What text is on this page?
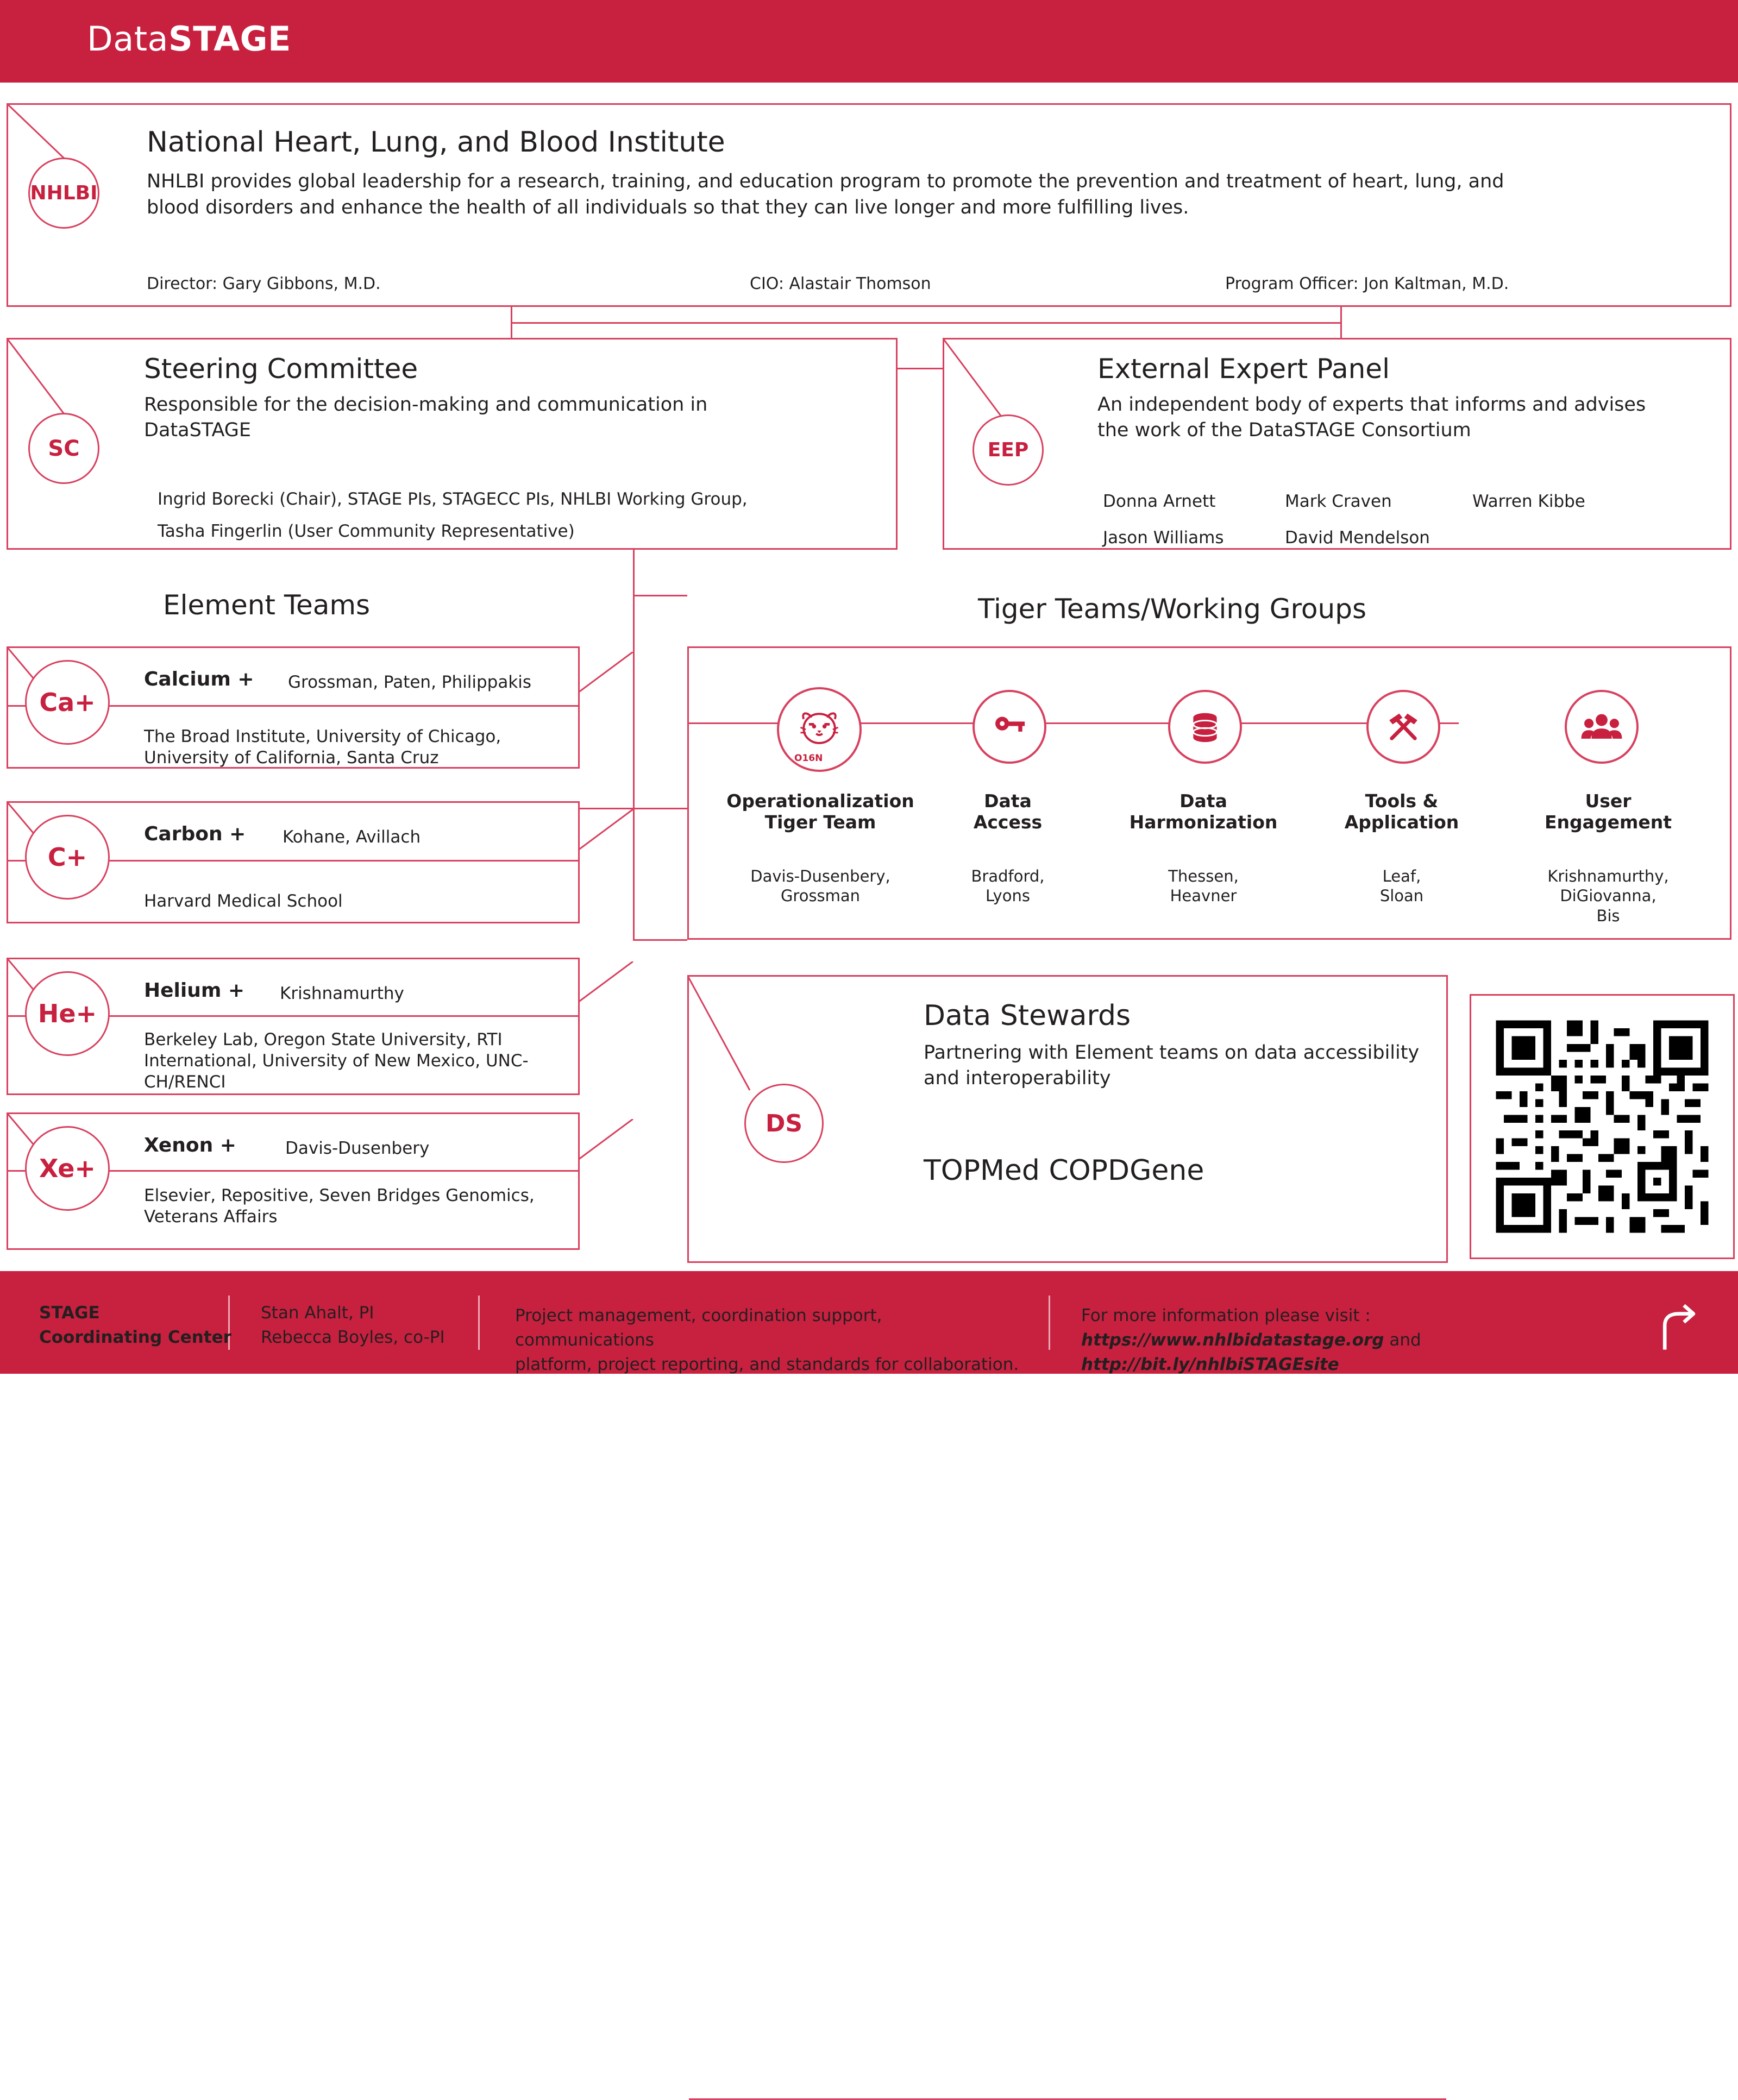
DataSTAGE
NHLBI
National Heart, Lung, and Blood Institute
NHLBI provides global leadership for a research, training, and education program to promote the prevention and treatment of heart, lung, and blood disorders and enhance the health of all individuals so that they can live longer and more fulfilling lives.
Director: Gary Gibbons, M.D.	CIO: Alastair Thomson	Program Officer: Jon Kaltman, M.D.
SC
Steering Committee
Responsible for the decision-making and communication in DataSTAGE
Ingrid Borecki (Chair), STAGE PIs, STAGECC PIs, NHLBI Working Group,
Tasha Fingerlin (User Community Representative)
EEP
External Expert Panel
An independent body of experts that informs and advises the work of the DataSTAGE Consortium
Donna Arnett	Mark Craven	Warren Kibbe
Jason Williams	David Mendelson
Element Teams	Tiger Teams/Working Groups
Ca+
Calcium + Grossman, Paten, Philippakis
The Broad Institute, University of Chicago, University of California, Santa Cruz
C+
Carbon + Kohane, Avillach
Harvard Medical School
He+
Helium + Krishnamurthy
Berkeley Lab, Oregon State University, RTI International, University of New Mexico, UNC-CH/RENCI
Xe+
Xenon +	Davis-Dusenbery
Elsevier, Repositive, Seven Bridges Genomics, Veterans Affairs
O16N
Operationalization
Tiger Team
Davis-Dusenbery,
Grossman
Data
Access
Bradford,
Lyons
Data
Harmonization
Thessen,
Heavner
Tools &
Application
Leaf,
Sloan
User
Engagement
Krishnamurthy,
DiGiovanna,
Bis
DS
Data Stewards
Partnering with Element teams on data accessibility and interoperability
TOPMed COPDGene
STAGE
Coordinating Center
Stan Ahalt, PI
Rebecca Boyles, co-PI
Project management, coordination support, communications
platform, project reporting, and standards for collaboration.
For more information please visit :
https://www.nhlbidatastage.org and http://bit.ly/nhlbiSTAGEsite
